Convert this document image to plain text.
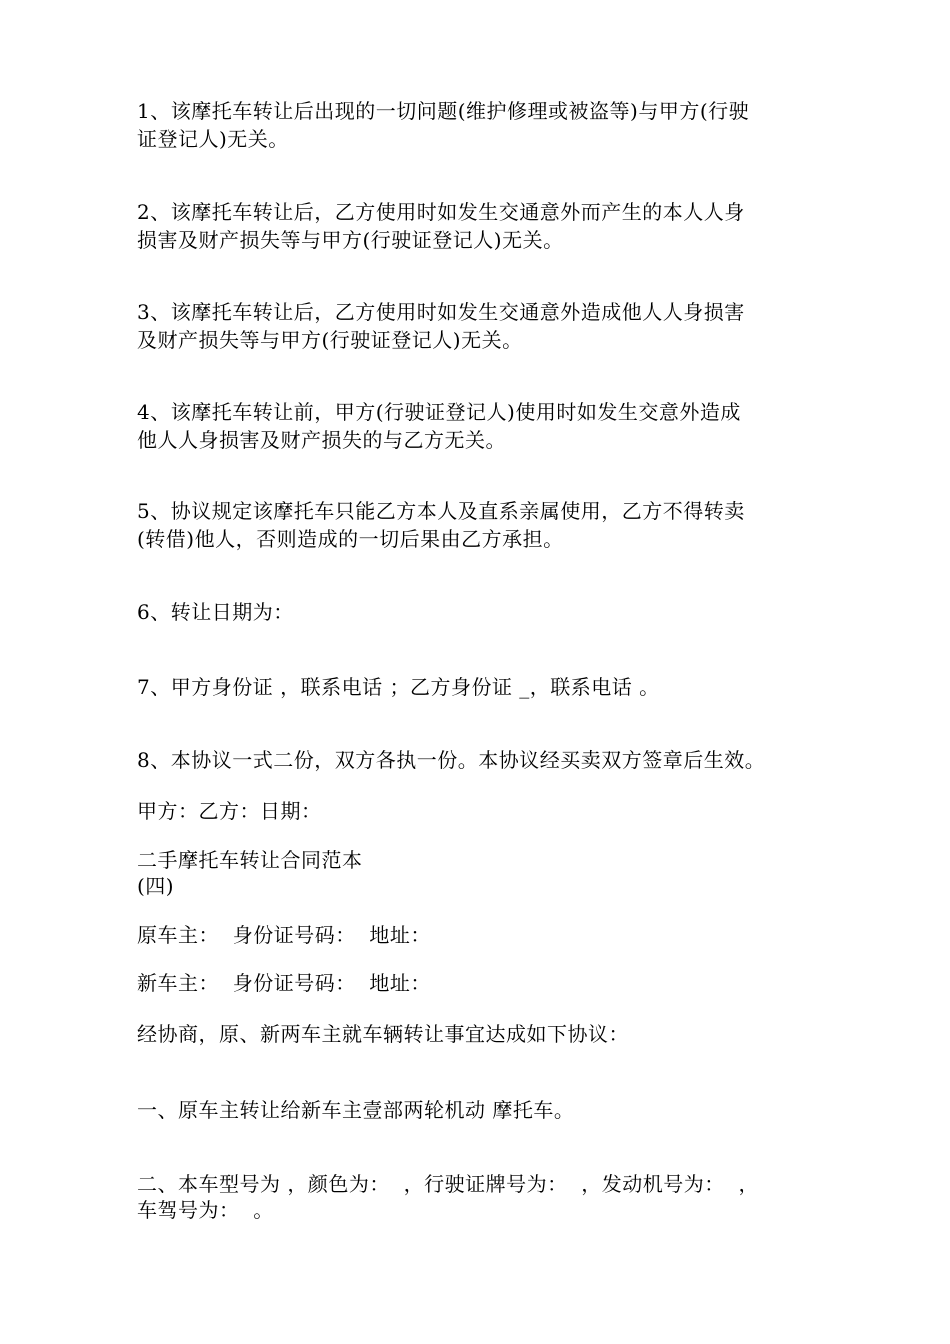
1、该摩托车转让后出现的一切问题(维护修理或被盗等)与甲方(行驶
证登记人)无关。
2、该摩托车转让后，乙方使用时如发生交通意外而产生的本人人身
损害及财产损失等与甲方(行驶证登记人)无关。
3、该摩托车转让后，乙方使用时如发生交通意外造成他人人身损害
及财产损失等与甲方(行驶证登记人)无关。
4、该摩托车转让前，甲方(行驶证登记人)使用时如发生交意外造成
他人人身损害及财产损失的与乙方无关。
5、协议规定该摩托车只能乙方本人及直系亲属使用，乙方不得转卖
(转借)他人，否则造成的一切后果由乙方承担。
6、转让日期为：
7、甲方身份证 ，联系电话 ；乙方身份证 _，联系电话 。
8、本协议一式二份，双方各执一份。本协议经买卖双方签章后生效。
甲方：乙方：日期：
二手摩托车转让合同范本
(四)
原车主：  身份证号码：  地址：
新车主：  身份证号码：  地址：
经协商，原、新两车主就车辆转让事宜达成如下协议：
一、原车主转让给新车主壹部两轮机动 摩托车。
二、本车型号为 ，颜色为：  ，行驶证牌号为：  ，发动机号为：  ，
车驾号为：  。
